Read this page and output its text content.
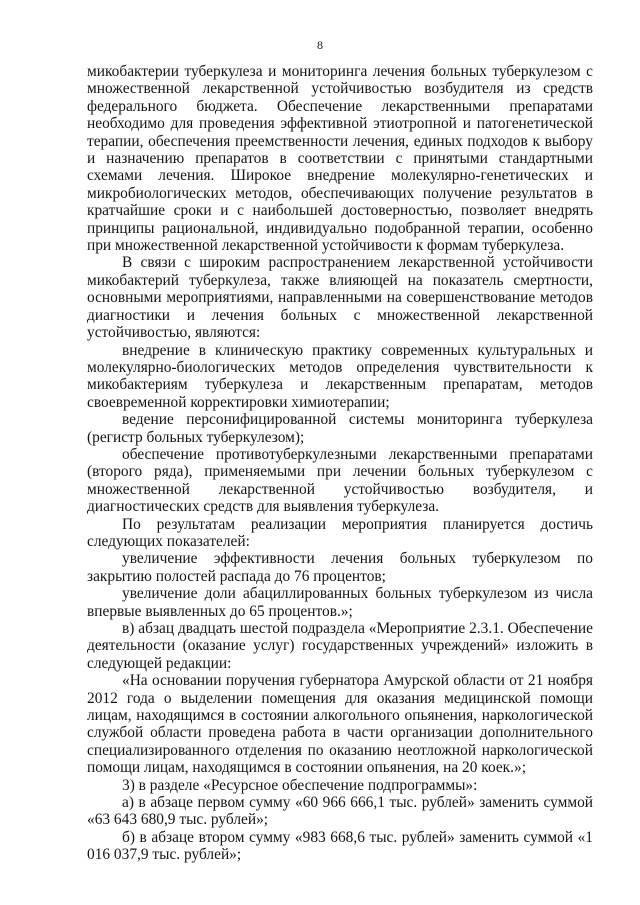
8

микобактерии туберкулеза и мониторинга лечения больных туберкулезом с множественной лекарственной устойчивостью возбудителя из средств федерального бюджета. Обеспечение лекарственными препаратами необходимо для проведения эффективной этиотропной и патогенетической терапии, обеспечения преемственности лечения, единых подходов к выбору и назначению препаратов в соответствии с принятыми стандартными схемами лечения. Широкое внедрение молекулярно-генетических и микробиологических методов, обеспечивающих получение результатов в кратчайшие сроки и с наибольшей достоверностью, позволяет внедрять принципы рациональной, индивидуально подобранной терапии, особенно при множественной лекарственной устойчивости к формам туберкулеза.

В связи с широким распространением лекарственной устойчивости микобактерий туберкулеза, также влияющей на показатель смертности, основными мероприятиями, направленными на совершенствование методов диагностики и лечения больных с множественной лекарственной устойчивостью, являются:

внедрение в клиническую практику современных культуральных и молекулярно-биологических методов определения чувствительности к микобактериям туберкулеза и лекарственным препаратам, методов своевременной корректировки химиотерапии;

ведение персонифицированной системы мониторинга туберкулеза (регистр больных туберкулезом);

обеспечение противотуберкулезными лекарственными препаратами (второго ряда), применяемыми при лечении больных туберкулезом с множественной лекарственной устойчивостью возбудителя, и диагностических средств для выявления туберкулеза.

По результатам реализации мероприятия планируется достичь следующих показателей:

увеличение эффективности лечения больных туберкулезом по закрытию полостей распада до 76 процентов;

увеличение доли абациллированных больных туберкулезом из числа впервые выявленных до 65 процентов.»;

в) абзац двадцать шестой подраздела «Мероприятие 2.3.1. Обеспечение деятельности (оказание услуг) государственных учреждений» изложить в следующей редакции:

«На основании поручения губернатора Амурской области от 21 ноября 2012 года о выделении помещения для оказания медицинской помощи лицам, находящимся в состоянии алкогольного опьянения, наркологической службой области проведена работа в части организации дополнительного специализированного отделения по оказанию неотложной наркологической помощи лицам, находящимся в состоянии опьянения, на 20 коек.»;

3) в разделе «Ресурсное обеспечение подпрограммы»:

а) в абзаце первом сумму «60 966 666,1 тыс. рублей» заменить суммой «63 643 680,9 тыс. рублей»;

б) в абзаце втором сумму «983 668,6 тыс. рублей» заменить суммой «1 016 037,9 тыс. рублей»;
